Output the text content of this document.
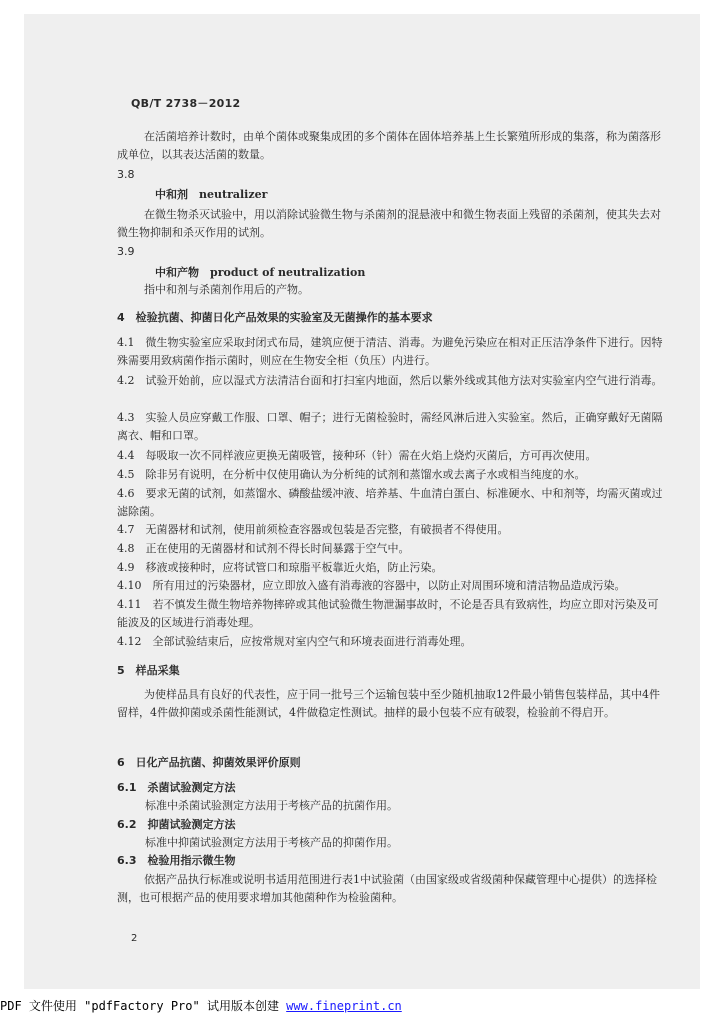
QB/T 2738－2012
在活菌培养计数时，由单个菌体或聚集成团的多个菌体在固体培养基上生长繁殖所形成的集落，称为菌落形成单位，以其表达活菌的数量。
3.8
中和剂　neutralizer
在微生物杀灭试验中，用以消除试验微生物与杀菌剂的混悬液中和微生物表面上残留的杀菌剂，使其失去对微生物抑制和杀灭作用的试剂。
3.9
中和产物　product of neutralization
指中和剂与杀菌剂作用后的产物。
4　检验抗菌、抑菌日化产品效果的实验室及无菌操作的基本要求
4.1　微生物实验室应采取封闭式布局，建筑应便于清洁、消毒。为避免污染应在相对正压洁净条件下进行。因特殊需要用致病菌作指示菌时，则应在生物安全柜（负压）内进行。
4.2　试验开始前，应以湿式方法清洁台面和打扫室内地面，然后以紫外线或其他方法对实验室内空气进行消毒。
4.3　实验人员应穿戴工作服、口罩、帽子；进行无菌检验时，需经风淋后进入实验室。然后，正确穿戴好无菌隔离衣、帽和口罩。
4.4　每吸取一次不同样液应更换无菌吸管，接种环（针）需在火焰上烧灼灭菌后，方可再次使用。
4.5　除非另有说明，在分析中仅使用确认为分析纯的试剂和蒸馏水或去离子水或相当纯度的水。
4.6　要求无菌的试剂，如蒸馏水、磷酸盐缓冲液、培养基、牛血清白蛋白、标准硬水、中和剂等，均需灭菌或过滤除菌。
4.7　无菌器材和试剂，使用前须检查容器或包装是否完整，有破损者不得使用。
4.8　正在使用的无菌器材和试剂不得长时间暴露于空气中。
4.9　移液或接种时，应将试管口和琼脂平板靠近火焰，防止污染。
4.10　所有用过的污染器材，应立即放入盛有消毒液的容器中，以防止对周围环境和清洁物品造成污染。
4.11　若不慎发生微生物培养物摔碎或其他试验微生物泄漏事故时，不论是否具有致病性，均应立即对污染及可能波及的区域进行消毒处理。
4.12　全部试验结束后，应按常规对室内空气和环境表面进行消毒处理。
5　样品采集
为使样品具有良好的代表性，应于同一批号三个运输包装中至少随机抽取12件最小销售包装样品，其中4件留样，4件做抑菌或杀菌性能测试，4件做稳定性测试。抽样的最小包装不应有破裂，检验前不得启开。
6　日化产品抗菌、抑菌效果评价原则
6.1　杀菌试验测定方法
标准中杀菌试验测定方法用于考核产品的抗菌作用。
6.2　抑菌试验测定方法
标准中抑菌试验测定方法用于考核产品的抑菌作用。
6.3　检验用指示微生物
依据产品执行标准或说明书适用范围进行表1中试验菌（由国家级或省级菌种保藏管理中心提供）的选择检测，也可根据产品的使用要求增加其他菌种作为检验菌种。
2
PDF 文件使用 "pdfFactory Pro" 试用版本创建 www.fineprint.cn
